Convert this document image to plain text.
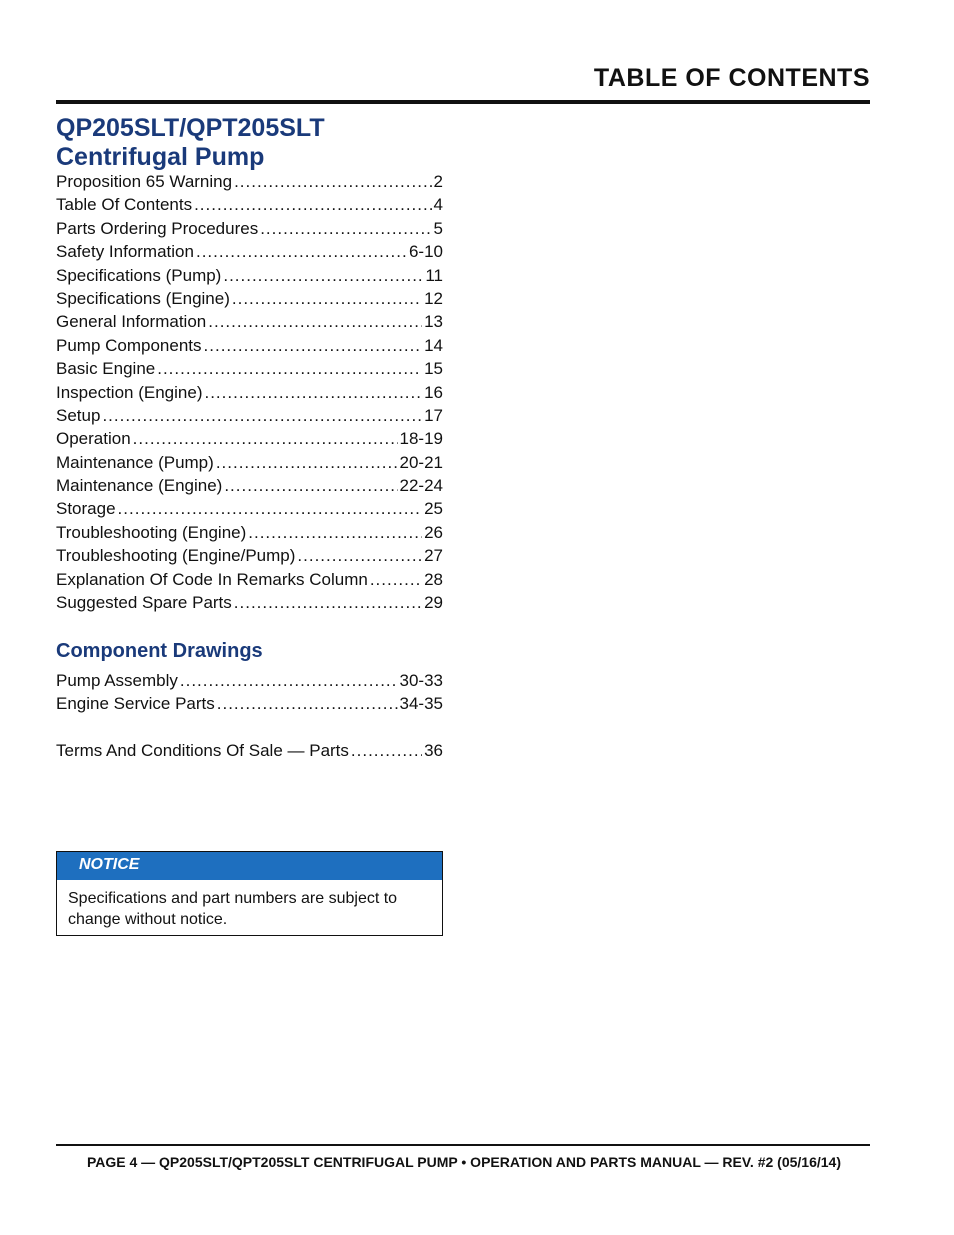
TABLE OF CONTENTS
QP205SLT/QPT205SLT
Centrifugal Pump
Proposition 65 Warning .....	2
Table Of Contents .....	4
Parts Ordering Procedures .....	5
Safety Information .....	6-10
Specifications (Pump) .....	11
Specifications (Engine) .....	12
General Information .....	13
Pump Components .....	14
Basic Engine .....	15
Inspection (Engine) .....	16
Setup .....	17
Operation .....	18-19
Maintenance (Pump) .....	20-21
Maintenance (Engine) .....	22-24
Storage .....	25
Troubleshooting (Engine) .....	26
Troubleshooting (Engine/Pump) .....	27
Explanation Of Code In Remarks Column .....	28
Suggested Spare Parts .....	29
Component Drawings
Pump Assembly .....	30-33
Engine Service Parts .....	34-35
Terms And Conditions Of Sale — Parts .....	36
NOTICE
Specifications and part numbers are subject to change without notice.
PAGE 4 — QP205SLT/QPT205SLT CENTRIFUGAL PUMP • OPERATION AND PARTS MANUAL — REV. #2 (05/16/14)
